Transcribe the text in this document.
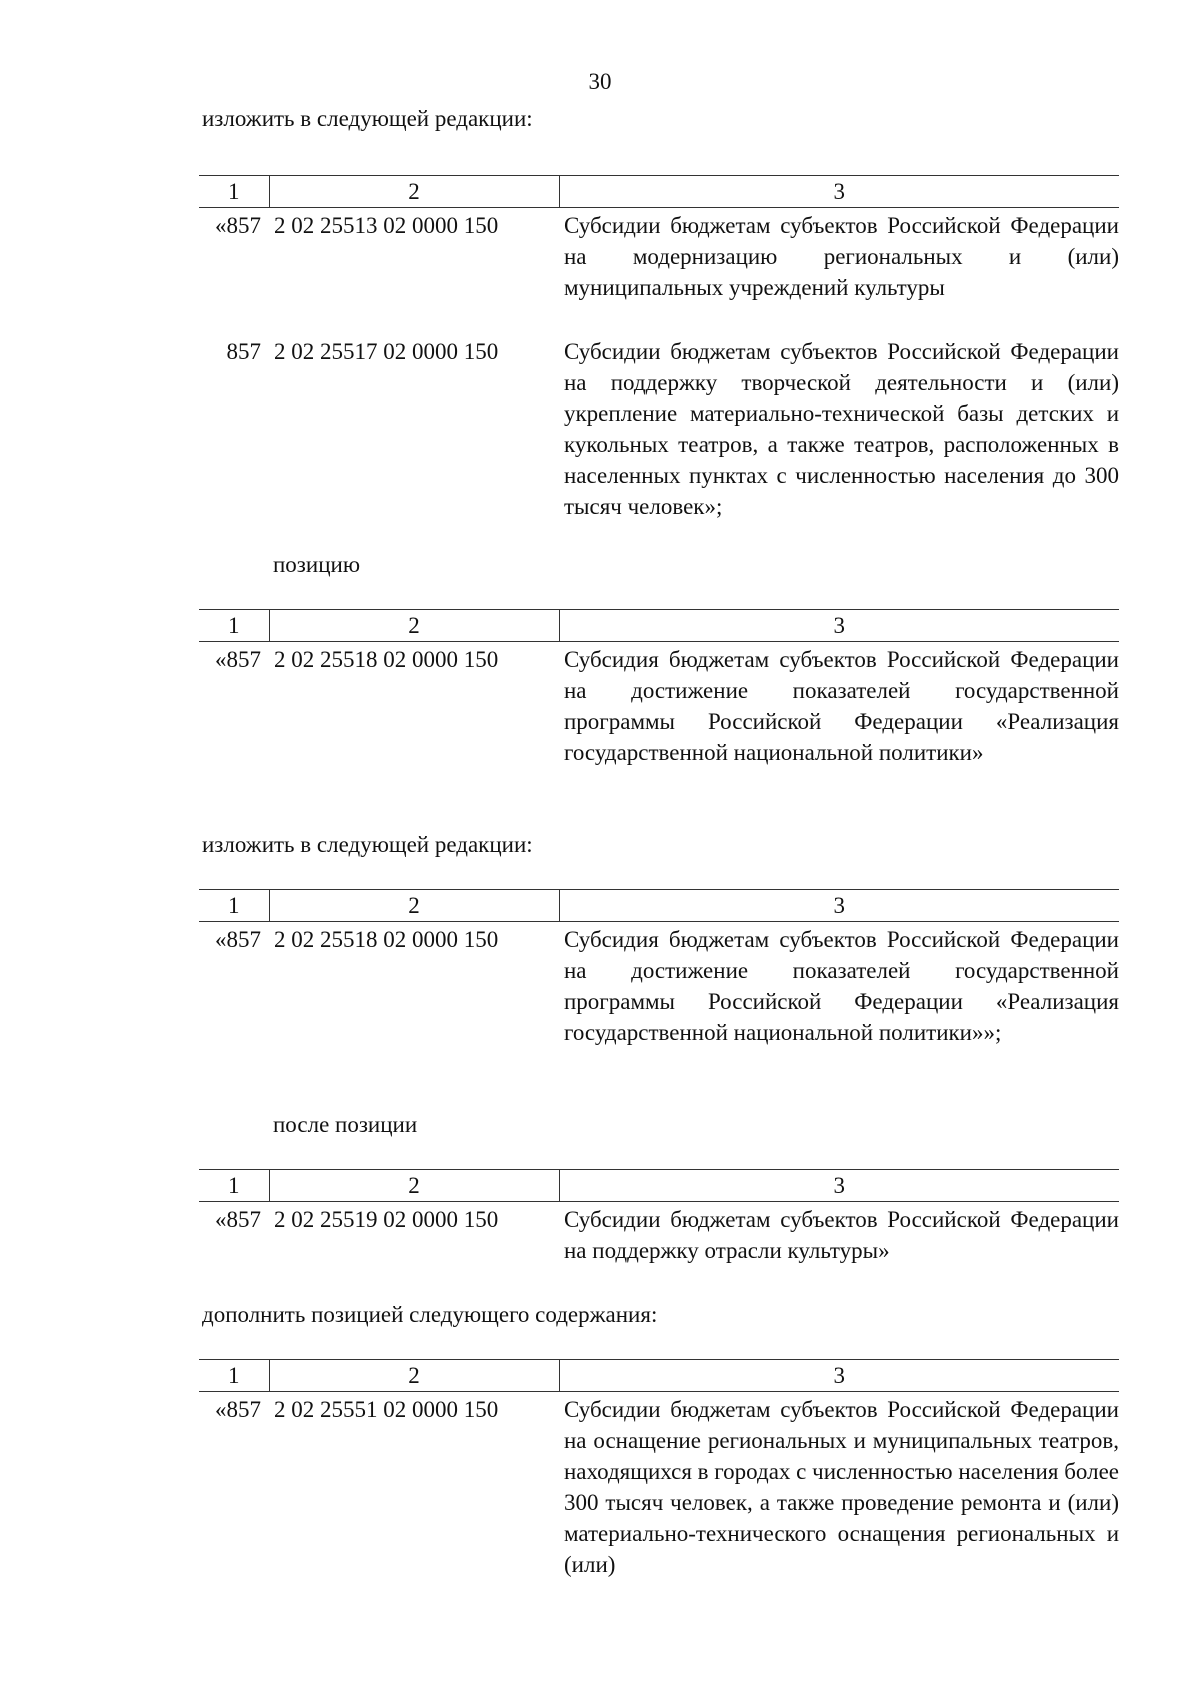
30
изложить в следующей редакции:
1	2	3
«857	2 02 25513 02 0000 150	Субсидии бюджетам субъектов Российской Федерации на модернизацию региональных и (или) муниципальных учреждений культуры

857	2 02 25517 02 0000 150	Субсидии бюджетам субъектов Российской Федерации на поддержку творческой деятельности и (или) укрепление материально-технической базы детских и кукольных театров, а также театров, расположенных в населенных пунктах с численностью населения до 300 тысяч человек»;
позицию
1	2	3
«857	2 02 25518 02 0000 150	Субсидия бюджетам субъектов Российской Федерации на достижение показателей государственной программы Российской Федерации «Реализация государственной национальной политики»
изложить в следующей редакции:
1	2	3
«857	2 02 25518 02 0000 150	Субсидия бюджетам субъектов Российской Федерации на достижение показателей государственной программы Российской Федерации «Реализация государственной национальной политики»»;
после позиции
1	2	3
«857	2 02 25519 02 0000 150	Субсидии бюджетам субъектов Российской Федерации на поддержку отрасли культуры»
дополнить позицией следующего содержания:
1	2	3
«857	2 02 25551 02 0000 150	Субсидии бюджетам субъектов Российской Федерации на оснащение региональных и муниципальных театров, находящихся в городах с численностью населения более 300 тысяч человек, а также проведение ремонта и (или) материально-технического оснащения региональных и (или)
